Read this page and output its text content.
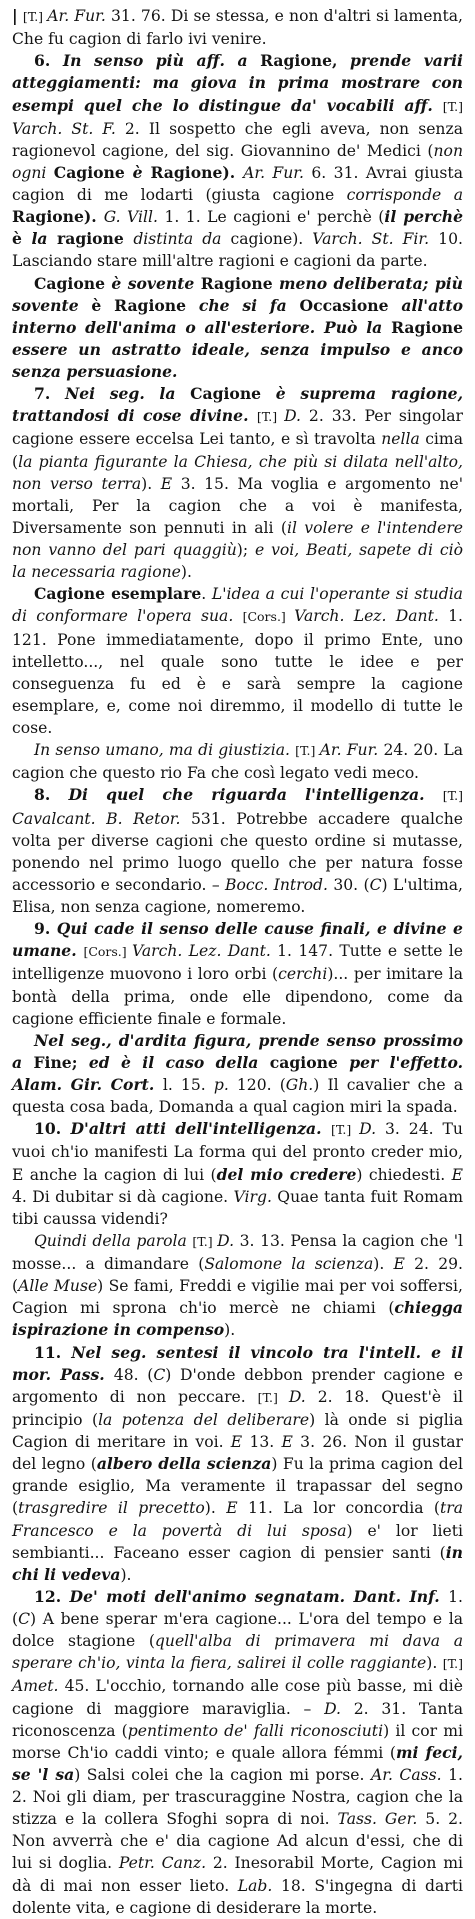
| [T.] Ar. Fur. 31. 76. Di se stessa, e non d'altri si lamenta, Che fu cagion di farlo ivi venire.

6. In senso più aff. a Ragione, prende varii atteggiamenti: ma giova in prima mostrare con esempi quel che lo distingue da' vocabili aff. [T.] Varch. St. F. 2. Il sospetto che egli aveva, non senza ragionevol cagione, del sig. Giovannino de' Medici (non ogni Cagione è Ragione). Ar. Fur. 6. 31. Avrai giusta cagion di me lodarti (giusta cagione corrisponde a Ragione). G. Vill. 1. 1. Le cagioni e' perchè (il perchè è la ragione distinta da cagione). Varch. St. Fir. 10. Lasciando stare mill'altre ragioni e cagioni da parte.

Cagione è sovente Ragione meno deliberata; più sovente è Ragione che si fa Occasione all'atto interno dell'anima o all'esteriore. Può la Ragione essere un astratto ideale, senza impulso e anco senza persuasione.

7. Nei seg. la Cagione è suprema ragione, trattandosi di cose divine. [T.] D. 2. 33. Per singolar cagione essere eccelsa Lei tanto, e sì travolta nella cima (la pianta figurante la Chiesa, che più si dilata nell'alto, non verso terra). E 3. 15. Ma voglia e argomento ne' mortali, Per la cagion che a voi è manifesta, Diversamente son pennuti in ali (il volere e l'intendere non vanno del pari quaggiù); e voi, Beati, sapete di ciò la necessaria ragione).

Cagione esemplare. L'idea a cui l'operante si studia di conformare l'opera sua. [Cors.] Varch. Lez. Dant. 1. 121. Pone immediatamente, dopo il primo Ente, uno intelletto..., nel quale sono tutte le idee e per conseguenza fu ed è e sarà sempre la cagione esemplare, e, come noi diremmo, il modello di tutte le cose.

In senso umano, ma di giustizia. [T.] Ar. Fur. 24. 20. La cagion che questo rio Fa che così legato vedi meco.

8. Di quel che riguarda l'intelligenza. [T.] Cavalcant. B. Retor. 531. Potrebbe accadere qualche volta per diverse cagioni che questo ordine si mutasse, ponendo nel primo luogo quello che per natura fosse accessorio e secondario. – Bocc. Introd. 30. (C) L'ultima, Elisa, non senza cagione, nomeremo.

9. Qui cade il senso delle cause finali, e divine e umane. [Cors.] Varch. Lez. Dant. 1. 147. Tutte e sette le intelligenze muovono i loro orbi (cerchi)... per imitare la bontà della prima, onde elle dipendono, come da cagione efficiente finale e formale.

Nel seg., d'ardita figura, prende senso prossimo a Fine; ed è il caso della cagione per l'effetto. Alam. Gir. Cort. l. 15. p. 120. (Gh.) Il cavalier che a questa cosa bada, Domanda a qual cagion miri la spada.

10. D'altri atti dell'intelligenza. [T.] D. 3. 24. Tu vuoi ch'io manifesti La forma qui del pronto creder mio, E anche la cagion di lui (del mio credere) chiedesti. E 4. Di dubitar si dà cagione. Virg. Quae tanta fuit Romam tibi caussa videndi?

Quindi della parola [T.] D. 3. 13. Pensa la cagion che 'l mosse... a dimandare (Salomone la scienza). E 2. 29. (Alle Muse) Se fami, Freddi e vigilie mai per voi soffersi, Cagion mi sprona ch'io mercè ne chiami (chiegga ispirazione in compenso).

11. Nel seg. sentesi il vincolo tra l'intell. e il mor. Pass. 48. (C) D'onde debbon prender cagione e argomento di non peccare. [T.] D. 2. 18. Quest'è il principio (la potenza del deliberare) là onde si piglia Cagion di meritare in voi. E 13. E 3. 26. Non il gustar del legno (albero della scienza) Fu la prima cagion del grande esiglio, Ma veramente il trapassar del segno (trasgredire il precetto). E 11. La lor concordia (tra Francesco e la povertà di lui sposa) e' lor lieti sembianti... Faceano esser cagion di pensier santi (in chi li vedeva).

12. De' moti dell'animo segnatam. Dant. Inf. 1. (C) A bene sperar m'era cagione... L'ora del tempo e la dolce stagione (quell'alba di primavera mi dava a sperare ch'io, vinta la fiera, salirei il colle raggiante). [T.] Amet. 45. L'occhio, tornando alle cose più basse, mi diè cagione di maggiore maraviglia. – D. 2. 31. Tanta riconoscenza (pentimento de' falli riconosciuti) il cor mi morse Ch'io caddi vinto; e quale allora fémmi (mi feci, se 'l sa) Salsi colei che la cagion mi porse. Ar. Cass. 1. 2. Noi gli diam, per trascuraggine Nostra, cagion che la stizza e la collera Sfoghi sopra di noi. Tass. Ger. 5. 2. Non avverrà che e' dia cagione Ad alcun d'essi, che di lui si doglia. Petr. Canz. 2. Inesorabil Morte, Cagion mi dà di mai non esser lieto. Lab. 18. S'ingegna di darti dolente vita, e cagione di desiderare la morte.
